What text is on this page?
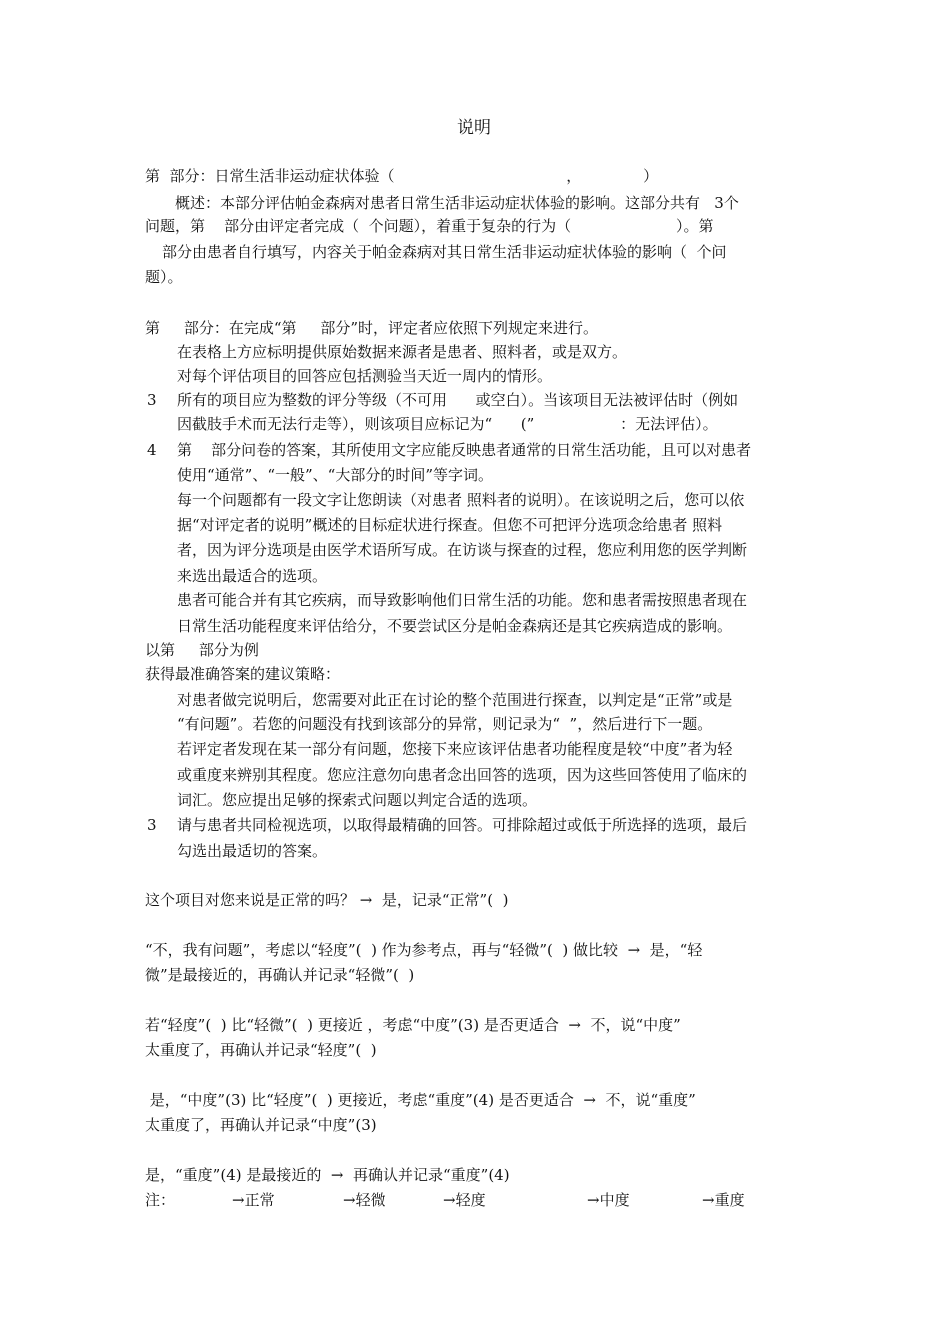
说明
第  部分：日常生活非运动症状体验（                                    ，             ）
概述：本部分评估帕金森病对患者日常生活非运动症状体验的影响。这部分共有   3个
问题，第    部分由评定者完成（  个问题），着重于复杂的行为（                      ）。第
部分由患者自行填写，内容关于帕金森病对其日常生活非运动症状体验的影响（  个问
题）。
第     部分：在完成“第     部分”时，评定者应依照下列规定来进行。
在表格上方应标明提供原始数据来源者是患者、照料者，或是双方。
对每个评估项目的回答应包括测验当天近一周内的情形。
3 所有的项目应为整数的评分等级（不可用      或空白）。当该项目无法被评估时（例如
因截肢手术而无法行走等），则该项目应标记为“      (”                  ：无法评估）。
4 第    部分问卷的答案，其所使用文字应能反映患者通常的日常生活功能，且可以对患者
使用“通常”、“一般”、“大部分的时间”等字词。
每一个问题都有一段文字让您朗读（对患者 照料者的说明）。在该说明之后，您可以依
据“对评定者的说明”概述的目标症状进行探查。但您不可把评分选项念给患者 照料
者，因为评分选项是由医学术语所写成。在访谈与探查的过程，您应利用您的医学判断
来选出最适合的选项。
患者可能合并有其它疾病，而导致影响他们日常生活的功能。您和患者需按照患者现在
日常生活功能程度来评估给分，不要尝试区分是帕金森病还是其它疾病造成的影响。
以第     部分为例
获得最准确答案的建议策略：
对患者做完说明后，您需要对此正在讨论的整个范围进行探查，以判定是“正常”或是
“有问题”。若您的问题没有找到该部分的异常，则记录为“  ”，然后进行下一题。
若评定者发现在某一部分有问题，您接下来应该评估患者功能程度是较“中度”者为轻
或重度来辨别其程度。您应注意勿向患者念出回答的选项，因为这些回答使用了临床的
词汇。您应提出足够的探索式问题以判定合适的选项。
3 请与患者共同检视选项，以取得最精确的回答。可排除超过或低于所选择的选项，最后
勾选出最适切的答案。
这个项目对您来说是正常的吗？ →  是，记录“正常”(  )
“不，我有问题”，考虑以“轻度”(  ) 作为参考点，再与“轻微”(  ) 做比较  →  是，“轻
微”是最接近的，再确认并记录“轻微”(  )
若“轻度”(  ) 比“轻微”(  ) 更接近 ，考虑“中度”(3) 是否更适合  →  不，说“中度”
太重度了，再确认并记录“轻度”(  )
是，“中度”(3) 比“轻度”(  ) 更接近，考虑“重度”(4) 是否更适合  →  不，说“重度”
太重度了，再确认并记录“中度”(3)
是，“重度”(4) 是最接近的  →  再确认并记录“重度”(4)
注：	→正常	→轻微	→轻度	→中度	→重度
